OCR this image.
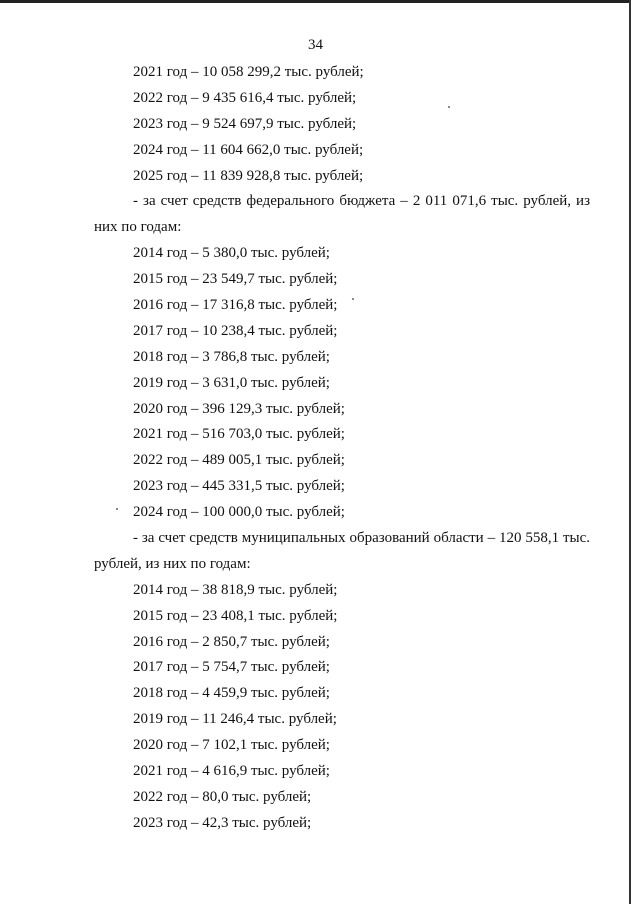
34
2021 год – 10 058 299,2 тыс. рублей;
2022 год – 9 435 616,4 тыс. рублей;
2023 год – 9 524 697,9 тыс. рублей;
2024 год – 11 604 662,0 тыс. рублей;
2025 год – 11 839 928,8 тыс. рублей;
- за счет средств федерального бюджета – 2 011 071,6 тыс. рублей, из
них по годам:
2014 год – 5 380,0 тыс. рублей;
2015 год – 23 549,7 тыс. рублей;
2016 год – 17 316,8 тыс. рублей;
2017 год – 10 238,4 тыс. рублей;
2018 год – 3 786,8 тыс. рублей;
2019 год – 3 631,0 тыс. рублей;
2020 год – 396 129,3 тыс. рублей;
2021 год – 516 703,0 тыс. рублей;
2022 год – 489 005,1 тыс. рублей;
2023 год – 445 331,5 тыс. рублей;
2024 год – 100 000,0 тыс. рублей;
- за счет средств муниципальных образований области – 120 558,1 тыс.
рублей, из них по годам:
2014 год – 38 818,9 тыс. рублей;
2015 год – 23 408,1 тыс. рублей;
2016 год – 2 850,7 тыс. рублей;
2017 год – 5 754,7 тыс. рублей;
2018 год – 4 459,9 тыс. рублей;
2019 год – 11 246,4 тыс. рублей;
2020 год – 7 102,1 тыс. рублей;
2021 год – 4 616,9 тыс. рублей;
2022 год – 80,0 тыс. рублей;
2023 год – 42,3 тыс. рублей;
